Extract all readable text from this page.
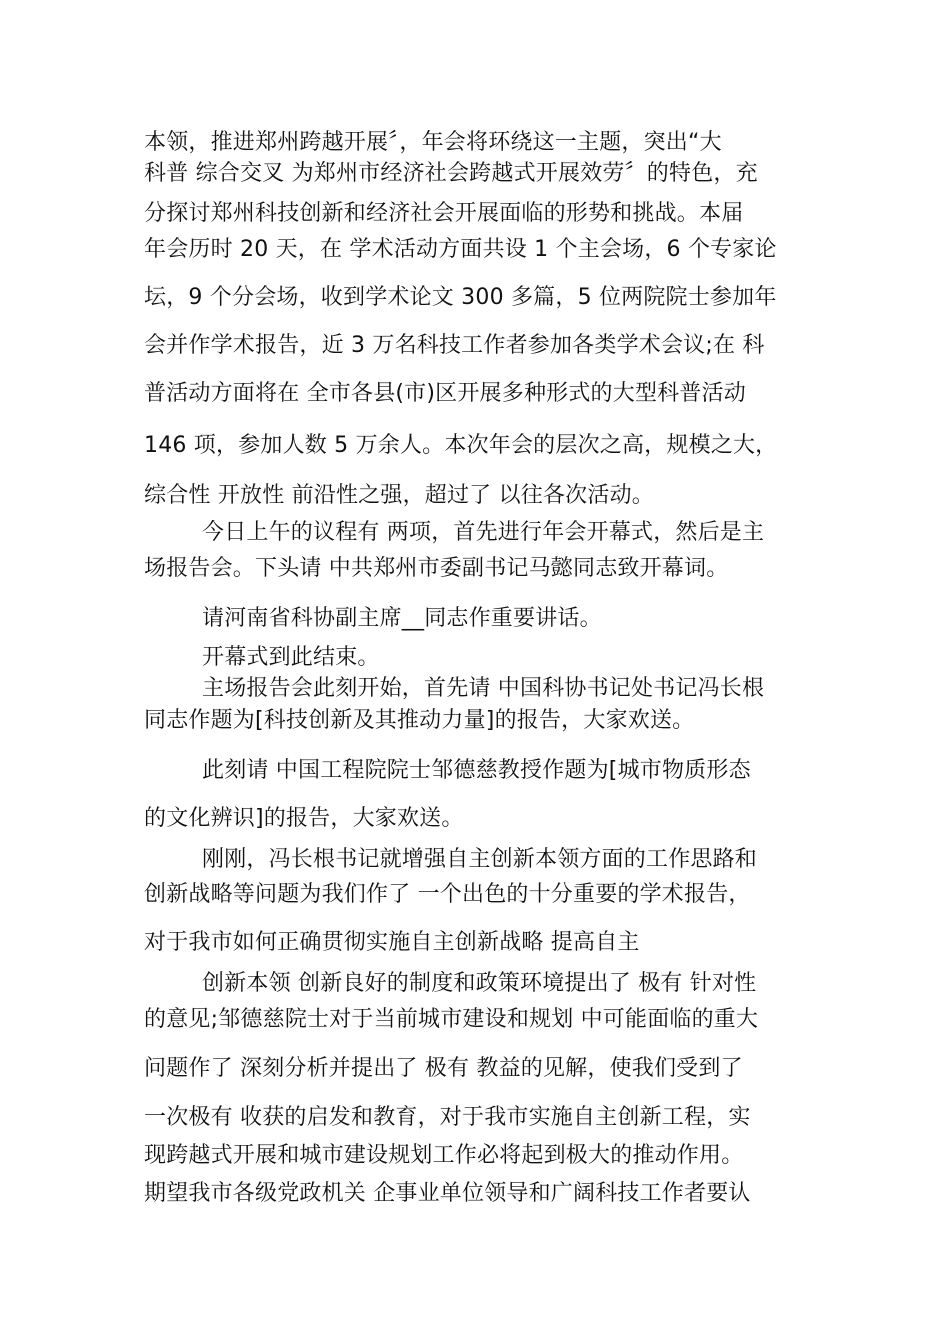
本领，推进郑州跨越开展〞，年会将环绕这一主题，突出“大
科普 综合交叉 为郑州市经济社会跨越式开展效劳〞的特色，充
分探讨郑州科技创新和经济社会开展面临的形势和挑战。本届
年会历时 20 天，在 学术活动方面共设 1 个主会场，6 个专家论
坛，9 个分会场，收到学术论文 300 多篇，5 位两院院士参加年
会并作学术报告，近 3 万名科技工作者参加各类学术会议;在 科
普活动方面将在 全市各县(市)区开展多种形式的大型科普活动
146 项，参加人数 5 万余人。本次年会的层次之高，规模之大，
综合性 开放性 前沿性之强，超过了 以往各次活动。
今日上午的议程有 两项，首先进行年会开幕式，然后是主
场报告会。下头请 中共郑州市委副书记马懿同志致开幕词。
请河南省科协副主席__同志作重要讲话。
开幕式到此结束。
主场报告会此刻开始，首先请 中国科协书记处书记冯长根
同志作题为[科技创新及其推动力量]的报告，大家欢送。
此刻请 中国工程院院士邹德慈教授作题为[城市物质形态
的文化辨识]的报告，大家欢送。
刚刚，冯长根书记就增强自主创新本领方面的工作思路和
创新战略等问题为我们作了 一个出色的十分重要的学术报告，
对于我市如何正确贯彻实施自主创新战略 提高自主
创新本领 创新良好的制度和政策环境提出了 极有 针对性
的意见;邹德慈院士对于当前城市建设和规划 中可能面临的重大
问题作了 深刻分析并提出了 极有 教益的见解，使我们受到了
一次极有 收获的启发和教育，对于我市实施自主创新工程，实
现跨越式开展和城市建设规划工作必将起到极大的推动作用。
期望我市各级党政机关 企事业单位领导和广阔科技工作者要认
